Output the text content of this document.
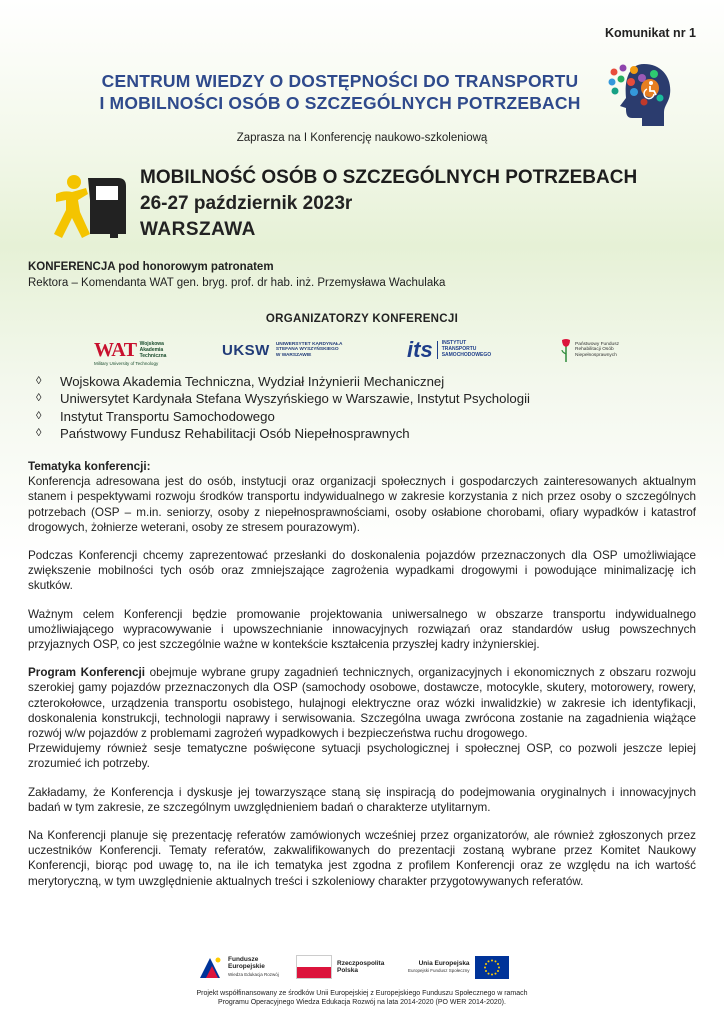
Komunikat nr 1
CENTRUM WIEDZY O DOSTĘPNOŚCI DO TRANSPORTU
I MOBILNOŚCI OSÓB O SZCZEGÓLNYCH POTRZEBACH
Zaprasza na I Konferencję naukowo-szkoleniową
MOBILNOŚĆ OSÓB O SZCZEGÓLNYCH POTRZEBACH
26-27 październik 2023r
WARSZAWA
KONFERENCJA pod honorowym patronatem
Rektora – Komendanta WAT gen. bryg. prof. dr hab. inż. Przemysława Wachulaka
ORGANIZATORZY KONFERENCJI
WAT Wojskowa
Akademia
Techniczna
Military University of Technology
UKSW UNIWERSYTET KARDYNAŁA
STEFANA WYSZYŃSKIEGO
W WARSZAWIE	its INSTYTUT
TRANSPORTU
SAMOCHODOWEGO
Państwowy Fundusz
Rehabilitacji Osób
Niepełnosprawnych
◊ Wojskowa Akademia Techniczna, Wydział Inżynierii Mechanicznej
◊ Uniwersytet Kardynała Stefana Wyszyńskiego w Warszawie, Instytut Psychologii
◊ Instytut Transportu Samochodowego
◊ Państwowy Fundusz Rehabilitacji Osób Niepełnosprawnych

Tematyka konferencji:

Konferencja adresowana jest do osób, instytucji oraz organizacji społecznych i gospodarczych zainteresowanych aktualnym stanem i pespektywami rozwoju środków transportu indywidualnego w zakresie korzystania z nich przez osoby o szczególnych potrzebach (OSP – m.in. seniorzy, osoby z niepełnosprawnościami, osoby osłabione chorobami, ofiary wypadków i katastrof drogowych, żołnierze weterani, osoby ze stresem pourazowym).

Podczas Konferencji chcemy zaprezentować przesłanki do doskonalenia pojazdów przeznaczonych dla OSP umożliwiające zwiększenie mobilności tych osób oraz zmniejszające zagrożenia wypadkami drogowymi i powodujące minimalizację ich skutków.

Ważnym celem Konferencji będzie promowanie projektowania uniwersalnego w obszarze transportu indywidualnego umożliwiającego wypracowywanie i upowszechnianie innowacyjnych rozwiązań oraz standardów usług powszechnych przyjaznych OSP, co jest szczególnie ważne w kontekście kształcenia przyszłej kadry inżynierskiej.

Program Konferencji obejmuje wybrane grupy zagadnień technicznych, organizacyjnych i ekonomicznych z obszaru rozwoju szerokiej gamy pojazdów przeznaczonych dla OSP (samochody osobowe, dostawcze, motocykle, skutery, motorowery, rowery, czterokołowce, urządzenia transportu osobistego, hulajnogi elektryczne oraz wózki inwalidzkie) w zakresie ich identyfikacji, doskonalenia konstrukcji, technologii naprawy i serwisowania. Szczególna uwaga zwrócona zostanie na zagadnienia wiążące rozwój w/w pojazdów z problemami zagrożeń wypadkowych i bezpieczeństwa ruchu drogowego.

Przewidujemy również sesje tematyczne poświęcone sytuacji psychologicznej i społecznej OSP, co pozwoli jeszcze lepiej zrozumieć ich potrzeby.

Zakładamy, że Konferencja i dyskusje jej towarzyszące staną się inspiracją do podejmowania oryginalnych i innowacyjnych badań w tym zakresie, ze szczególnym uwzględnieniem badań o charakterze utylitarnym.

Na Konferencji planuje się prezentację referatów zamówionych wcześniej przez organizatorów, ale również zgłoszonych przez uczestników Konferencji. Tematy referatów, zakwalifikowanych do prezentacji zostaną wybrane przez Komitet Naukowy Konferencji, biorąc pod uwagę to, na ile ich tematyka jest zgodna z profilem Konferencji oraz ze względu na ich wartość merytoryczną, w tym uwzględnienie aktualnych treści i szkoleniowy charakter przygotowywanych referatów.

Fundusze
Europejskie
Wiedza Edukacja Rozwój
Rzeczpospolita
Polska
Unia Europejska
Europejski Fundusz Społeczny
Projekt współfinansowany ze środków Unii Europejskiej z Europejskiego Funduszu Społecznego w ramach
Programu Operacyjnego Wiedza Edukacja Rozwój na lata 2014-2020 (PO WER 2014-2020).
